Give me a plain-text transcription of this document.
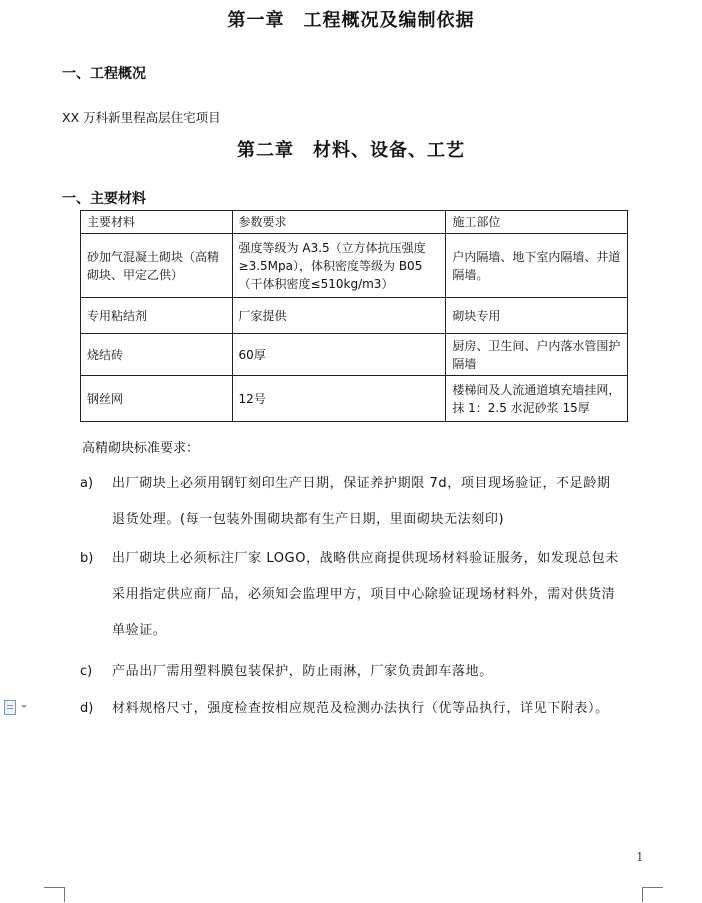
第一章　工程概况及编制依据
一、工程概况
XX 万科新里程高层住宅项目
第二章　材料、设备、工艺
一、主要材料
主要材料	参数要求	施工部位
砂加气混凝土砌块（高精砌块、甲定乙供）	强度等级为 A3.5（立方体抗压强度≥3.5Mpa），体积密度等级为 B05（干体积密度≤510kg/m3）	户内隔墙、地下室内隔墙、井道隔墙。
专用粘结剂	厂家提供	砌块专用
烧结砖	60厚	厨房、卫生间、户内落水管围护隔墙
钢丝网	12号	楼梯间及人流通道填充墙挂网，抹 1：2.5 水泥砂浆 15厚
高精砌块标准要求：
a)	出厂砌块上必须用钢钉刻印生产日期，保证养护期限 7d，项目现场验证，不足龄期
退货处理。(每一包装外围砌块都有生产日期，里面砌块无法刻印)
b)	出厂砌块上必须标注厂家 LOGO，战略供应商提供现场材料验证服务，如发现总包未
采用指定供应商厂品，必须知会监理甲方，项目中心除验证现场材料外，需对供货清
单验证。
c)	产品出厂需用塑料膜包装保护，防止雨淋，厂家负责卸车落地。
d)	材料规格尺寸，强度检查按相应规范及检测办法执行（优等品执行，详见下附表）。
1
